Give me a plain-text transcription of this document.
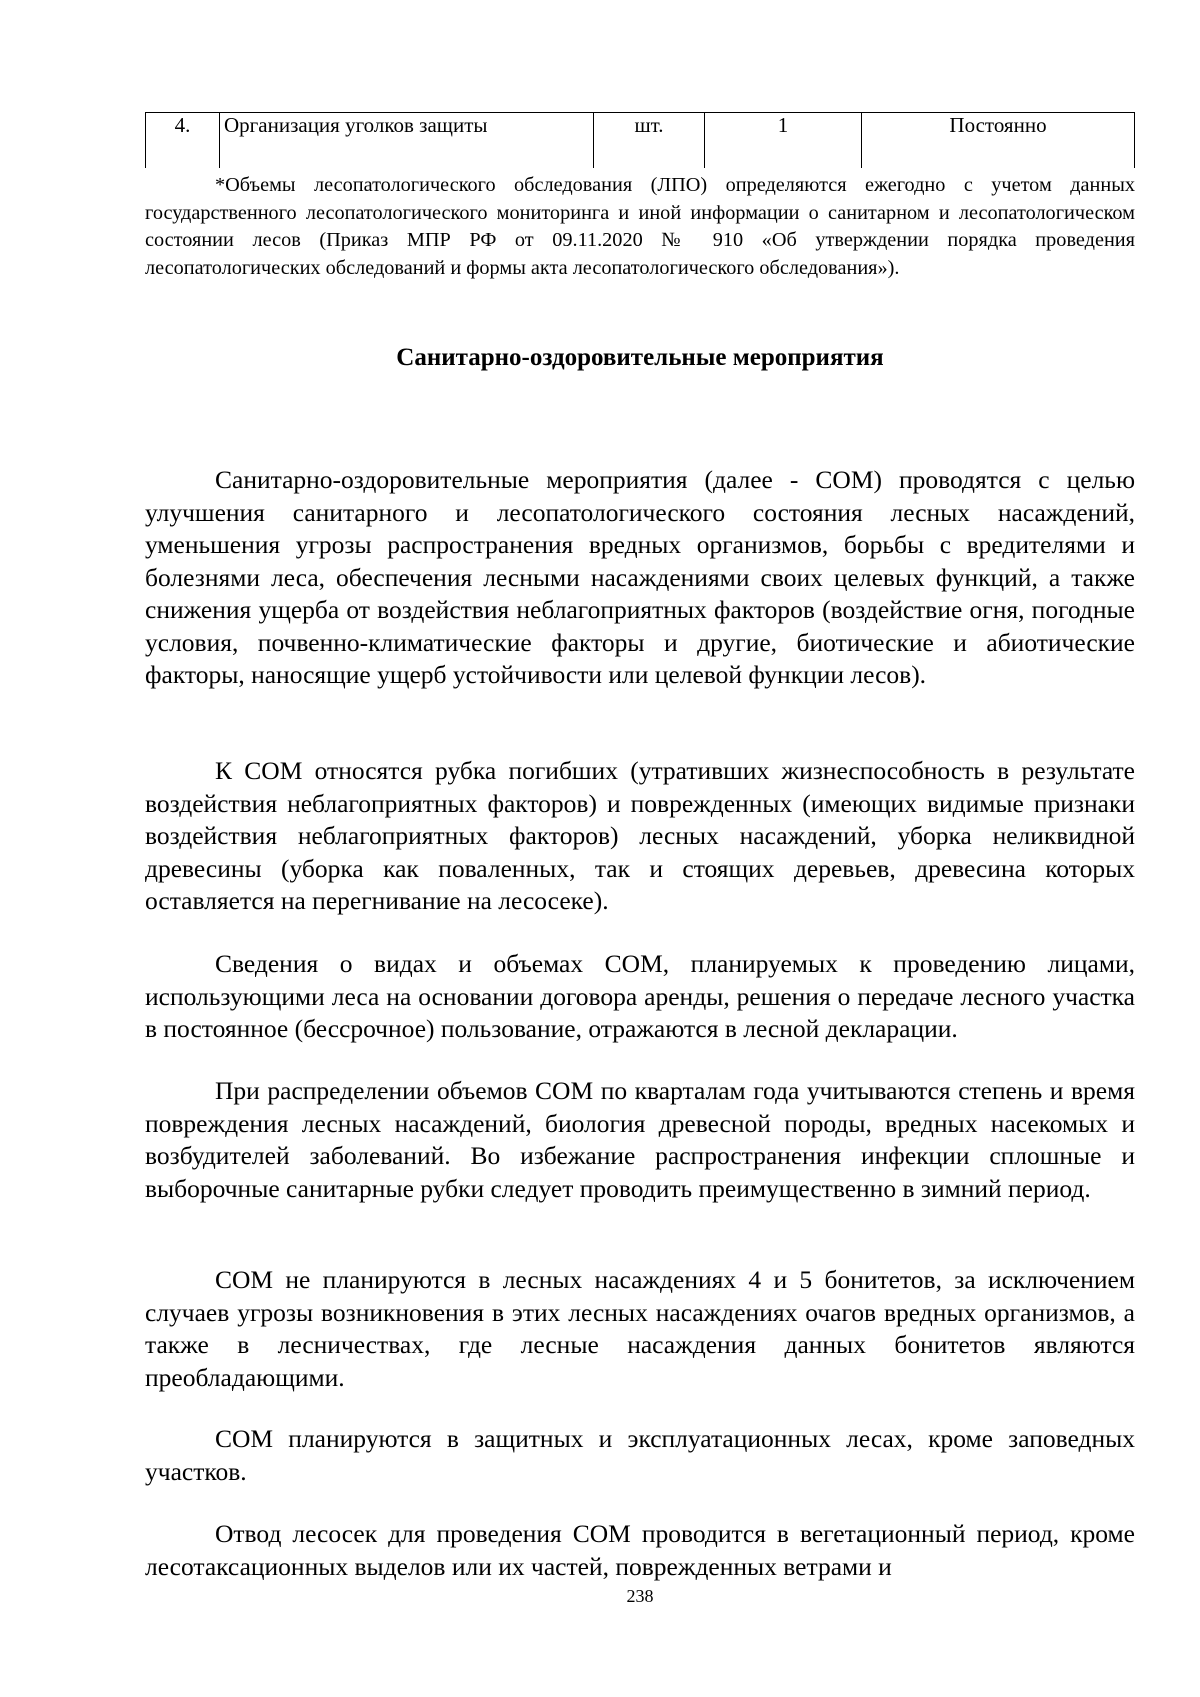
4.	Организация уголков защиты	шт.	1	Постоянно

*Объемы лесопатологического обследования (ЛПО) определяются ежегодно с учетом данных государственного лесопатологического мониторинга и иной информации о санитарном и лесопатологическом состоянии лесов (Приказ МПР РФ от 09.11.2020 № 910 «Об утверждении порядка проведения лесопатологических обследований и формы акта лесопатологического обследования»).

Санитарно-оздоровительные мероприятия

Санитарно-оздоровительные мероприятия (далее - СОМ) проводятся с целью улучшения санитарного и лесопатологического состояния лесных насаждений, уменьшения угрозы распространения вредных организмов, борьбы с вредителями и болезнями леса, обеспечения лесными насаждениями своих целевых функций, а также снижения ущерба от воздействия неблагоприятных факторов (воздействие огня, погодные условия, почвенно-климатические факторы и другие, биотические и абиотические факторы, наносящие ущерб устойчивости или целевой функции лесов).

К СОМ относятся рубка погибших (утративших жизнеспособность в результате воздействия неблагоприятных факторов) и поврежденных (имеющих видимые признаки воздействия неблагоприятных факторов) лесных насаждений, уборка неликвидной древесины (уборка как поваленных, так и стоящих деревьев, древесина которых оставляется на перегнивание на лесосеке).

Сведения о видах и объемах СОМ, планируемых к проведению лицами, использующими леса на основании договора аренды, решения о передаче лесного участка в постоянное (бессрочное) пользование, отражаются в лесной декларации.

При распределении объемов СОМ по кварталам года учитываются степень и время повреждения лесных насаждений, биология древесной породы, вредных насекомых и возбудителей заболеваний. Во избежание распространения инфекции сплошные и выборочные санитарные рубки следует проводить преимущественно в зимний период.

СОМ не планируются в лесных насаждениях 4 и 5 бонитетов, за исключением случаев угрозы возникновения в этих лесных насаждениях очагов вредных организмов, а также в лесничествах, где лесные насаждения данных бонитетов являются преобладающими.

СОМ планируются в защитных и эксплуатационных лесах, кроме заповедных участков.

Отвод лесосек для проведения СОМ проводится в вегетационный период, кроме лесотаксационных выделов или их частей, поврежденных ветрами и

238
